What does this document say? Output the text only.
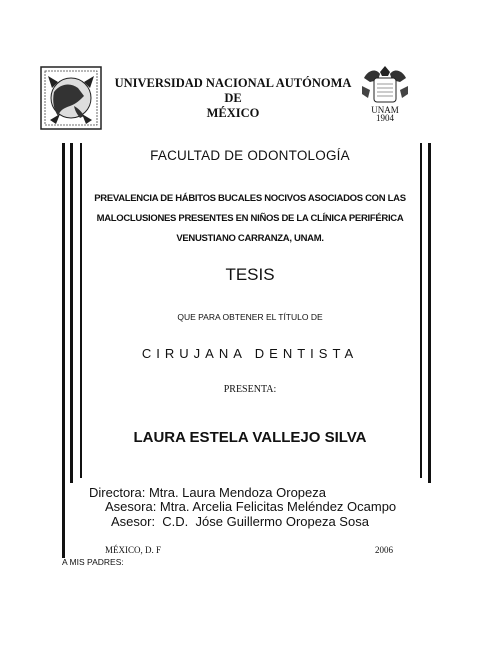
UNIVERSIDAD NACIONAL AUTÓNOMA DE
MÉXICO	UNAM
1904
FACULTAD DE ODONTOLOGÍA
PREVALENCIA DE HÁBITOS BUCALES NOCIVOS ASOCIADOS CON LAS
MALOCLUSIONES PRESENTES EN NIÑOS DE LA CLÍNICA PERIFÉRICA
VENUSTIANO CARRANZA, UNAM.
TESIS
QUE PARA OBTENER EL TÍTULO DE
CIRUJANA DENTISTA
PRESENTA:
LAURA ESTELA VALLEJO SILVA
Directora: Mtra. Laura Mendoza Oropeza
Asesora: Mtra. Arcelia Felicitas Meléndez Ocampo
Asesor:  C.D.  Jóse Guillermo Oropeza Sosa
MÉXICO, D. F	2006
A MIS PADRES:
